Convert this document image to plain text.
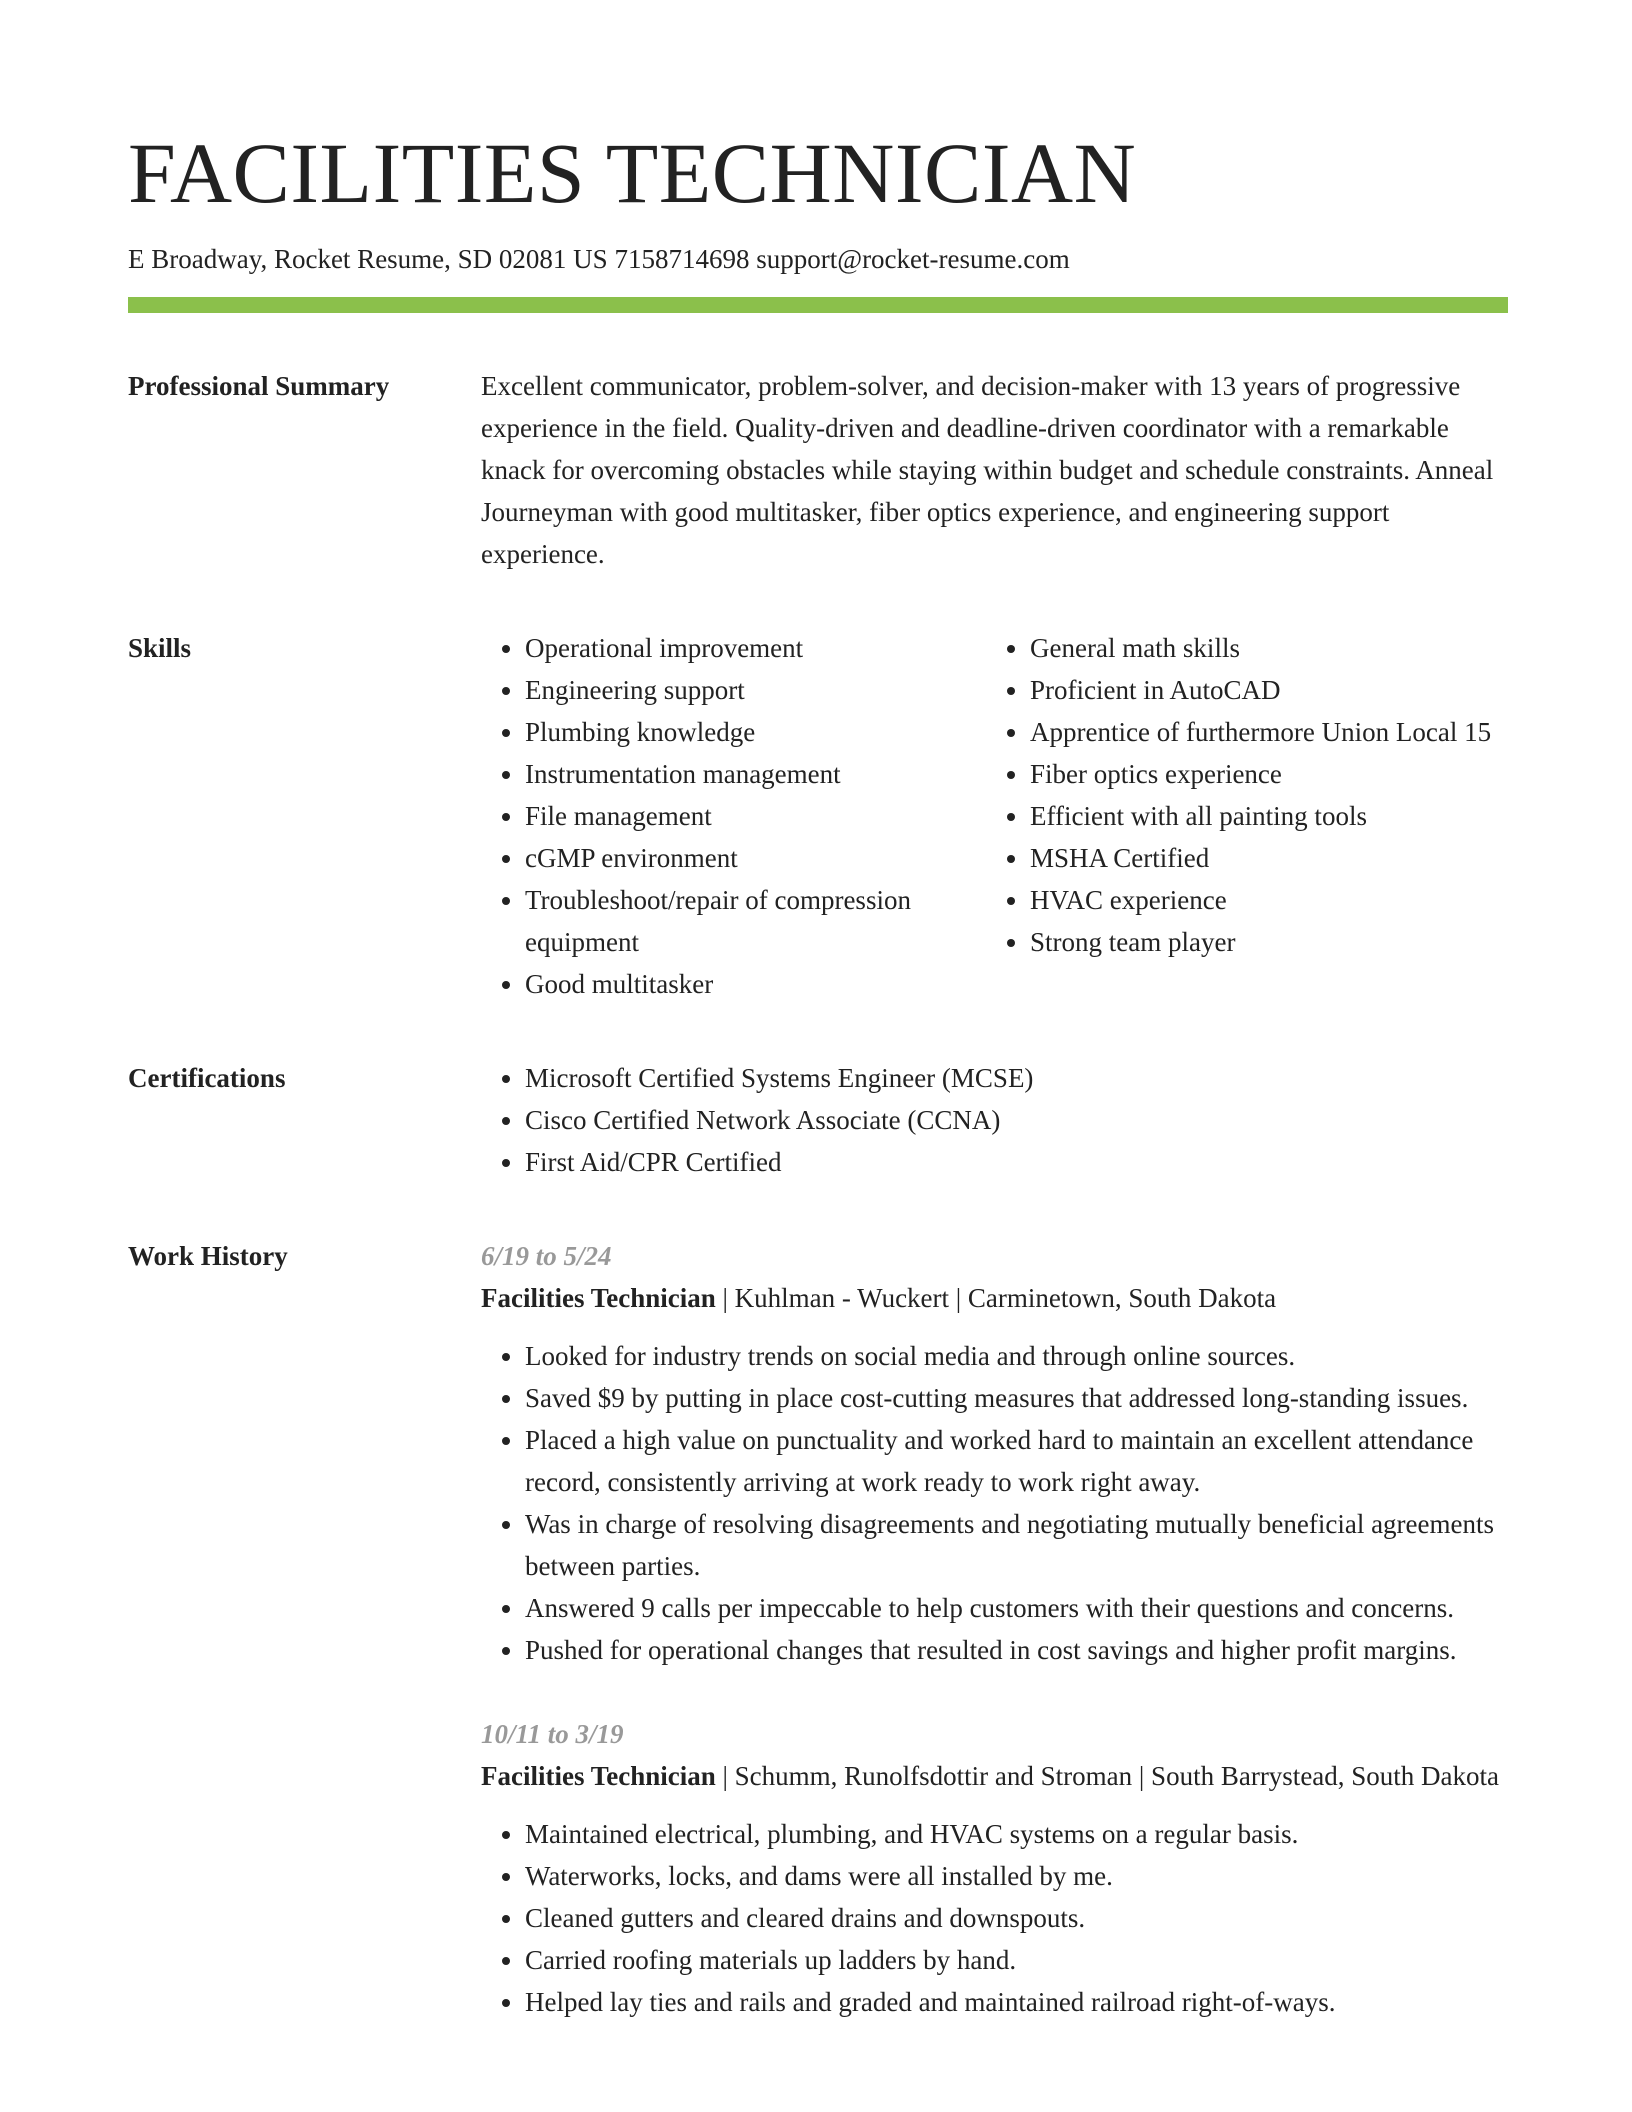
FACILITIES TECHNICIAN
E Broadway, Rocket Resume, SD 02081 US 7158714698 support@rocket-resume.com
Professional Summary	Excellent communicator, problem-solver, and decision-maker with 13 years of progressive experience in the field. Quality-driven and deadline-driven coordinator with a remarkable knack for overcoming obstacles while staying within budget and schedule constraints. Anneal Journeyman with good multitasker, fiber optics experience, and engineering support experience.

Skills	• Operational improvement
• Engineering support
• Plumbing knowledge
• Instrumentation management
• File management
• cGMP environment
• Troubleshoot/repair of compression equipment
• Good multitasker
• General math skills
• Proficient in AutoCAD
• Apprentice of furthermore Union Local 15
• Fiber optics experience
• Efficient with all painting tools
• MSHA Certified
• HVAC experience
• Strong team player
Certifications	• Microsoft Certified Systems Engineer (MCSE)
• Cisco Certified Network Associate (CCNA)
• First Aid/CPR Certified
Work History	6/19 to 5/24
Facilities Technician | Kuhlman - Wuckert | Carminetown, South Dakota
• Looked for industry trends on social media and through online sources.
• Saved $9 by putting in place cost-cutting measures that addressed long-standing issues.
• Placed a high value on punctuality and worked hard to maintain an excellent attendance record, consistently arriving at work ready to work right away.
• Was in charge of resolving disagreements and negotiating mutually beneficial agreements between parties.
• Answered 9 calls per impeccable to help customers with their questions and concerns.
• Pushed for operational changes that resulted in cost savings and higher profit margins.
10/11 to 3/19
Facilities Technician | Schumm, Runolfsdottir and Stroman | South Barrystead, South Dakota
• Maintained electrical, plumbing, and HVAC systems on a regular basis.
• Waterworks, locks, and dams were all installed by me.
• Cleaned gutters and cleared drains and downspouts.
• Carried roofing materials up ladders by hand.
• Helped lay ties and rails and graded and maintained railroad right-of-ways.
